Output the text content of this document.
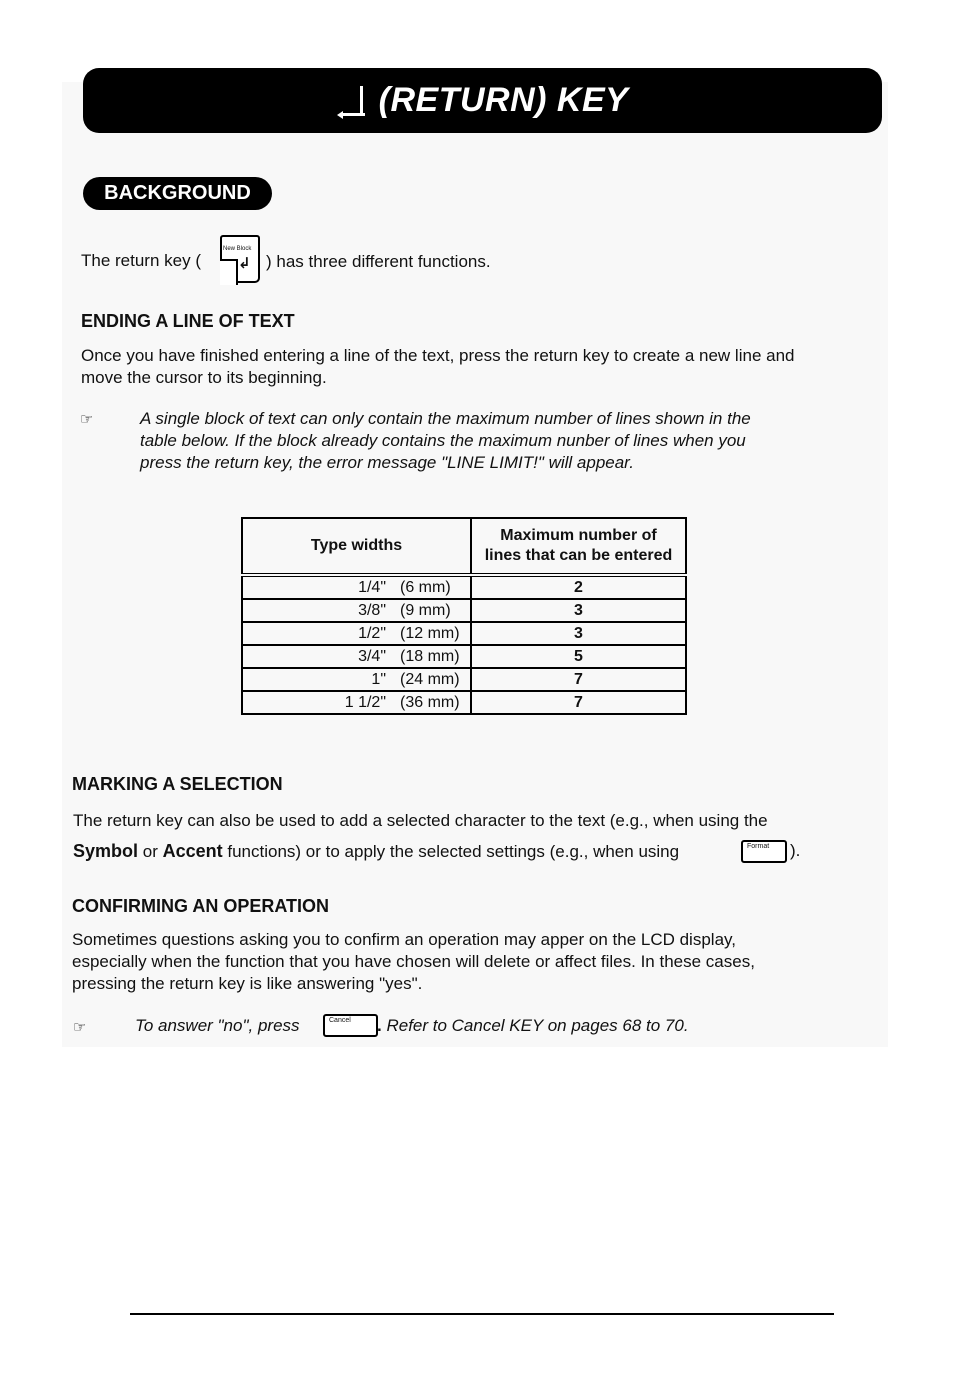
(RETURN) KEY
BACKGROUND
The return key (
New Block
↲ ) has three different functions.
ENDING A LINE OF TEXT
Once you have finished entering a line of the text, press the return key to create a new line and
move the cursor to its beginning.
☞	A single block of text can only contain the maximum number of lines shown in the
table below. If the block already contains the maximum nunber of lines when you
press the return key, the error message "LINE LIMIT!" will appear.
Type widths	Maximum number of
lines that can be entered
1/4" (6 mm)	2
3/8" (9 mm)	3
1/2" (12 mm)	3
3/4" (18 mm)	5
1" (24 mm)	7
1 1/2" (36 mm)	7
MARKING A SELECTION
The return key can also be used to add a selected character to the text (e.g., when using the
Symbol or Accent functions) or to apply the selected settings (e.g., when using	Format ).
CONFIRMING AN OPERATION
Sometimes questions asking you to confirm an operation may apper on the LCD display,
especially when the function that you have chosen will delete or affect files. In these cases,
pressing the return key is like answering "yes".
☞	To answer "no", press	Cancel . Refer to Cancel KEY on pages 68 to 70.
